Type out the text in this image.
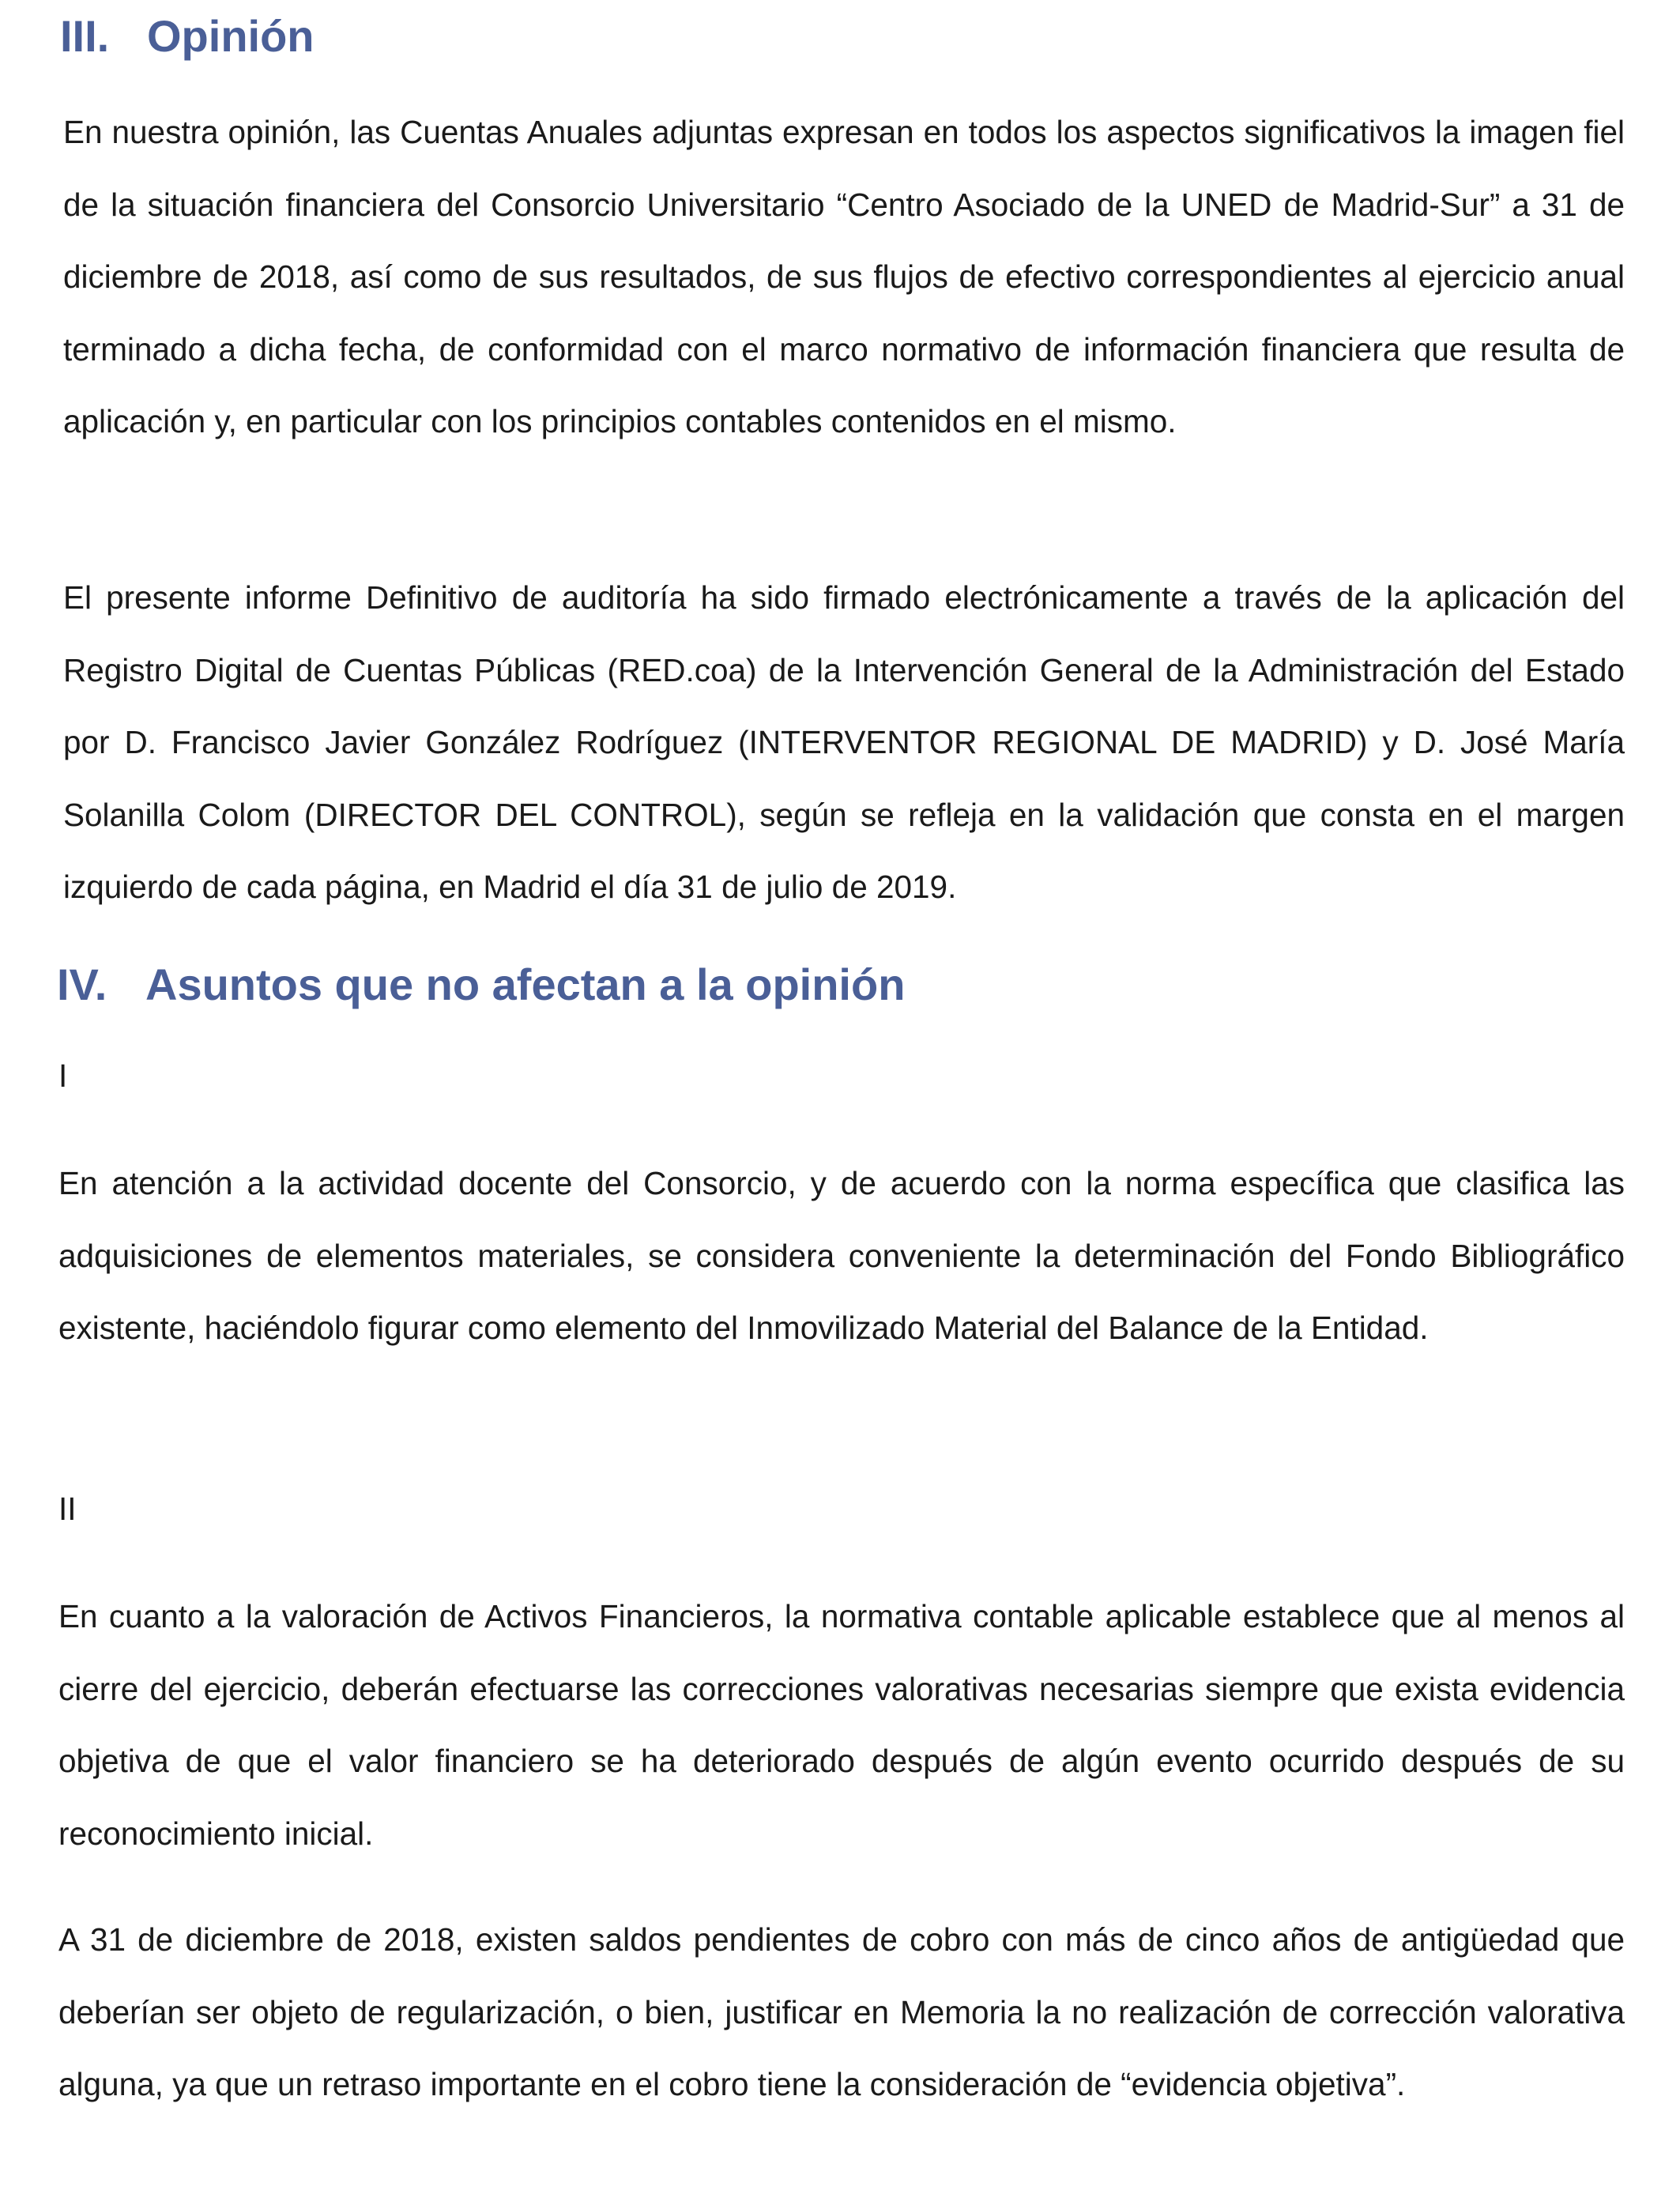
III. Opinión

En nuestra opinión, las Cuentas Anuales adjuntas expresan en todos los aspectos significativos la imagen fiel de la situación financiera del Consorcio Universitario “Centro Asociado de la UNED de Madrid-Sur” a 31 de diciembre de 2018, así como de sus resultados, de sus flujos de efectivo correspondientes al ejercicio anual terminado a dicha fecha, de conformidad con el marco normativo de información financiera que resulta de aplicación y, en particular con los principios contables contenidos en el mismo.

El presente informe Definitivo de auditoría ha sido firmado electrónicamente a través de la aplicación del Registro Digital de Cuentas Públicas (RED.coa) de la Intervención General de la Administración del Estado por D. Francisco Javier González Rodríguez (INTERVENTOR REGIONAL DE MADRID) y D. José María Solanilla Colom (DIRECTOR DEL CONTROL), según se refleja en la validación que consta en el margen izquierdo de cada página, en Madrid el día 31 de julio de 2019.

IV. Asuntos que no afectan a la opinión

I

En atención a la actividad docente del Consorcio, y de acuerdo con la norma específica que clasifica las adquisiciones de elementos materiales, se considera conveniente la determinación del Fondo Bibliográfico existente, haciéndolo figurar como elemento del Inmovilizado Material del Balance de la Entidad.

II

En cuanto a la valoración de Activos Financieros, la normativa contable aplicable establece que al menos al cierre del ejercicio, deberán efectuarse las correcciones valorativas necesarias siempre que exista evidencia objetiva de que el valor financiero se ha deteriorado después de algún evento ocurrido después de su reconocimiento inicial.

A 31 de diciembre de 2018, existen saldos pendientes de cobro con más de cinco años de antigüedad que deberían ser objeto de regularización, o bien, justificar en Memoria la no realización de corrección valorativa alguna, ya que un retraso importante en el cobro tiene la consideración de “evidencia objetiva”.
